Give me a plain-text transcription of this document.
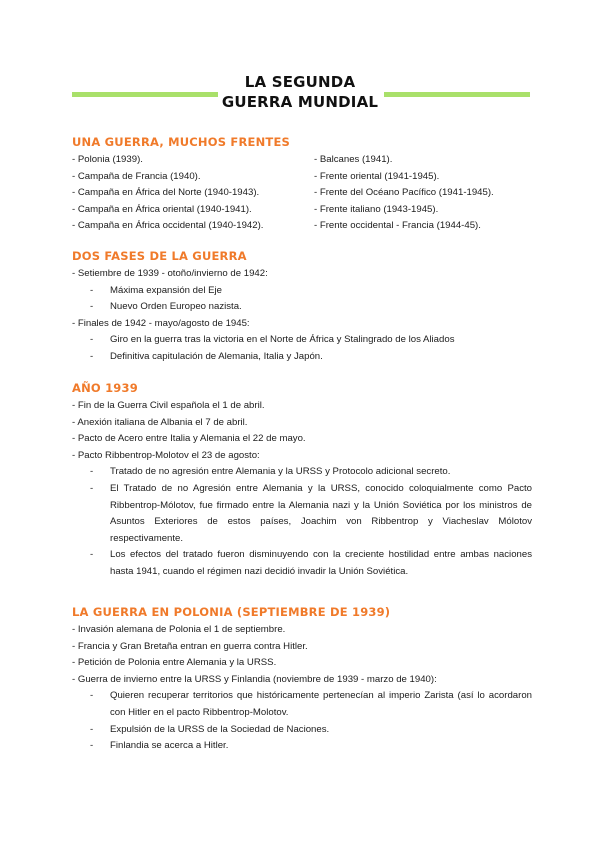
LA SEGUNDA
GUERRA MUNDIAL
UNA GUERRA, MUCHOS FRENTES
- Polonia (1939).
- Campaña de Francia (1940).
- Campaña en África del Norte (1940-1943).
- Campaña en África oriental (1940-1941).
- Campaña en África occidental (1940-1942).
- Balcanes (1941).
- Frente oriental (1941-1945).
- Frente del Océano Pacífico (1941-1945).
- Frente italiano (1943-1945).
- Frente occidental - Francia (1944-45).
DOS FASES DE LA GUERRA
- Setiembre de 1939 - otoño/invierno de 1942:
- Máxima expansión del Eje
- Nuevo Orden Europeo nazista.
- Finales de 1942 - mayo/agosto de 1945:
- Giro en la guerra tras la victoria en el Norte de África y Stalingrado de los Aliados
- Definitiva capitulación de Alemania, Italia y Japón.
AÑO 1939
- Fin de la Guerra Civil española el 1 de abril.
- Anexión italiana de Albania el 7 de abril.
- Pacto de Acero entre Italia y Alemania el 22 de mayo.
- Pacto Ribbentrop-Molotov el 23 de agosto:
- Tratado de no agresión entre Alemania y la URSS y Protocolo adicional secreto.
- El Tratado de no Agresión entre Alemania y la URSS, conocido coloquialmente como Pacto Ribbentrop-Mólotov, fue firmado entre la Alemania nazi y la Unión Soviética por los ministros de Asuntos Exteriores de estos países, Joachim von Ribbentrop y Viacheslav Mólotov respectivamente.
- Los efectos del tratado fueron disminuyendo con la creciente hostilidad entre ambas naciones hasta 1941, cuando el régimen nazi decidió invadir la Unión Soviética.
LA GUERRA EN POLONIA (SEPTIEMBRE DE 1939)
- Invasión alemana de Polonia el 1 de septiembre.
- Francia y Gran Bretaña entran en guerra contra Hitler.
- Petición de Polonia entre Alemania y la URSS.
- Guerra de invierno entre la URSS y Finlandia (noviembre de 1939 - marzo de 1940):
- Quieren recuperar territorios que históricamente pertenecían al imperio Zarista (así lo acordaron con Hitler en el pacto Ribbentrop-Molotov.
- Expulsión de la URSS de la Sociedad de Naciones.
- Finlandia se acerca a Hitler.
